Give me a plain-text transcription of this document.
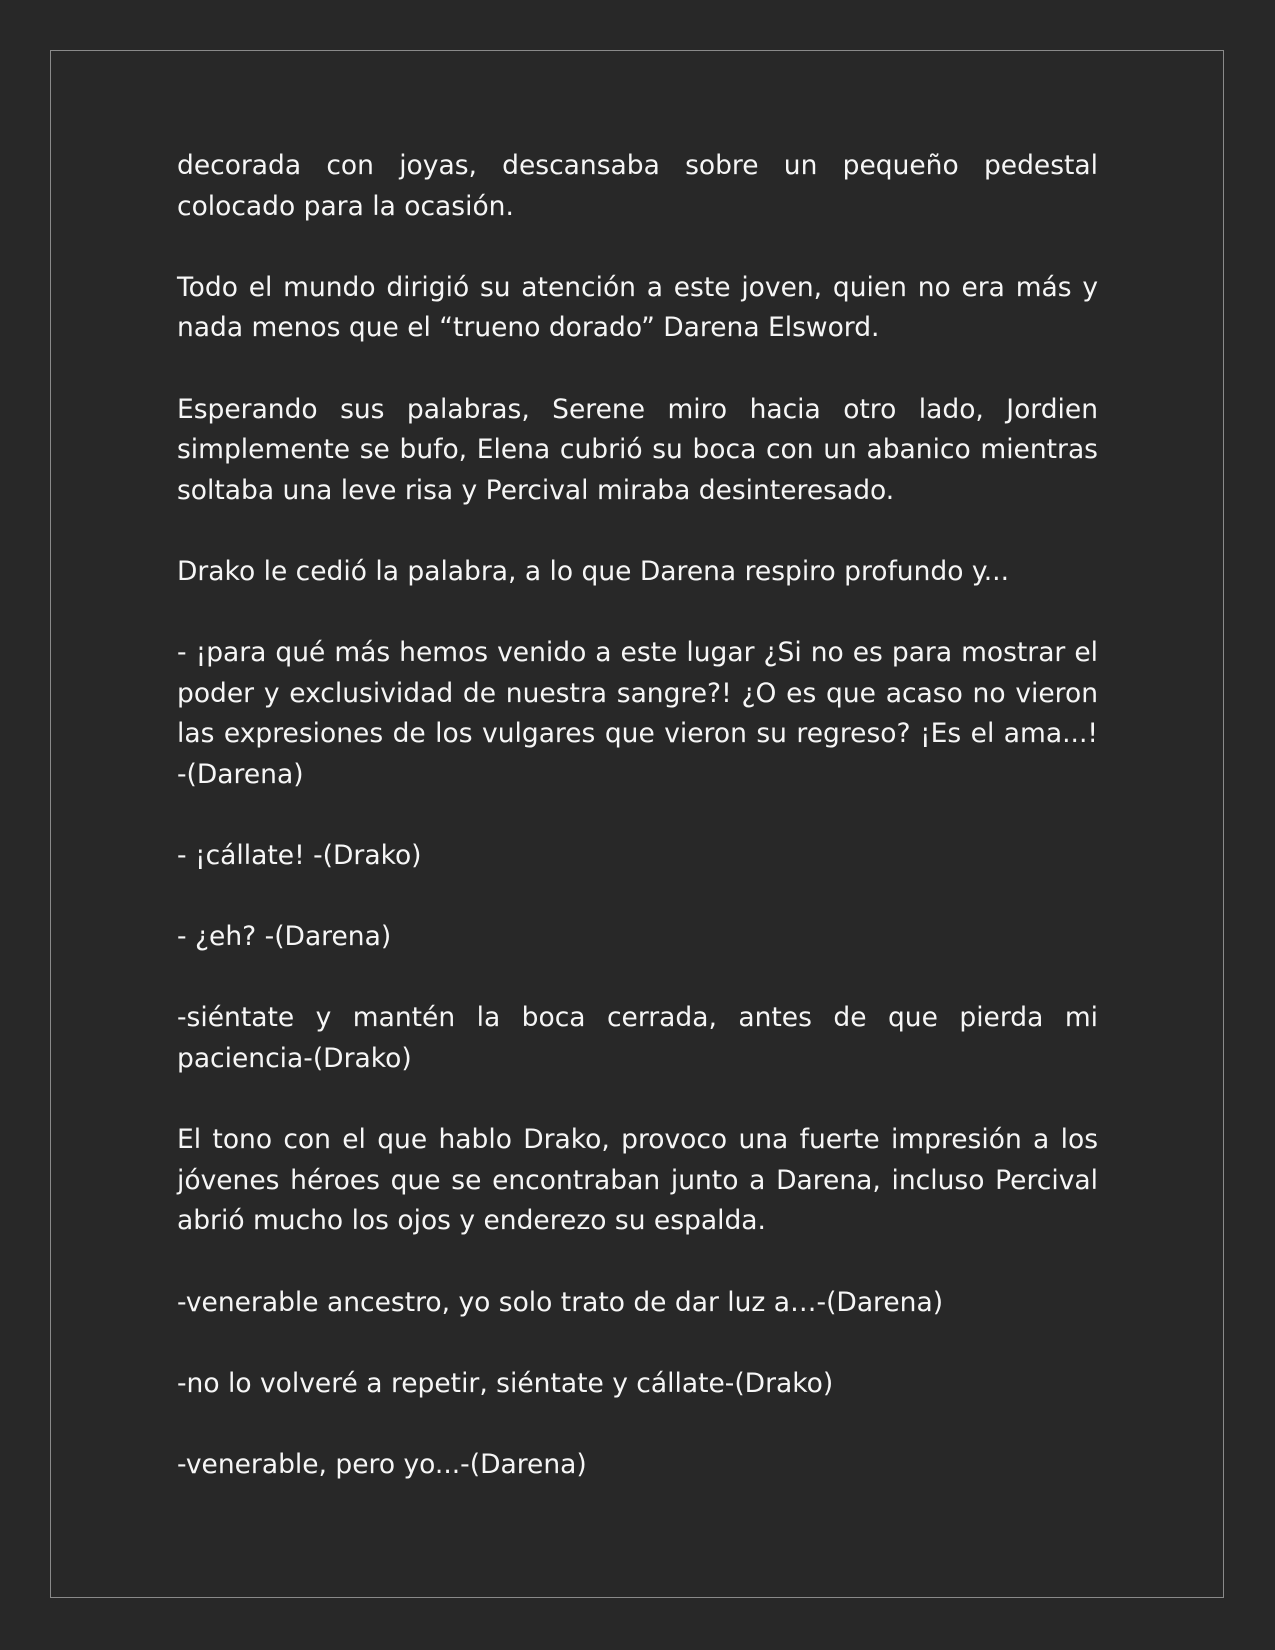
decorada con joyas, descansaba sobre un pequeño pedestal colocado para la ocasión.

Todo el mundo dirigió su atención a este joven, quien no era más y nada menos que el “trueno dorado” Darena Elsword.

Esperando sus palabras, Serene miro hacia otro lado, Jordien simplemente se bufo, Elena cubrió su boca con un abanico mientras soltaba una leve risa y Percival miraba desinteresado.

Drako le cedió la palabra, a lo que Darena respiro profundo y...

- ¡para qué más hemos venido a este lugar ¿Si no es para mostrar el poder y exclusividad de nuestra sangre?! ¿O es que acaso no vieron las expresiones de los vulgares que vieron su regreso? ¡Es el ama...! -(Darena)

- ¡cállate! -(Drako)

- ¿eh? -(Darena)

-siéntate y mantén la boca cerrada, antes de que pierda mi paciencia-(Drako)

El tono con el que hablo Drako, provoco una fuerte impresión a los jóvenes héroes que se encontraban junto a Darena, incluso Percival abrió mucho los ojos y enderezo su espalda.

-venerable ancestro, yo solo trato de dar luz a…-(Darena)

-no lo volveré a repetir, siéntate y cállate-(Drako)

-venerable, pero yo...-(Darena)
